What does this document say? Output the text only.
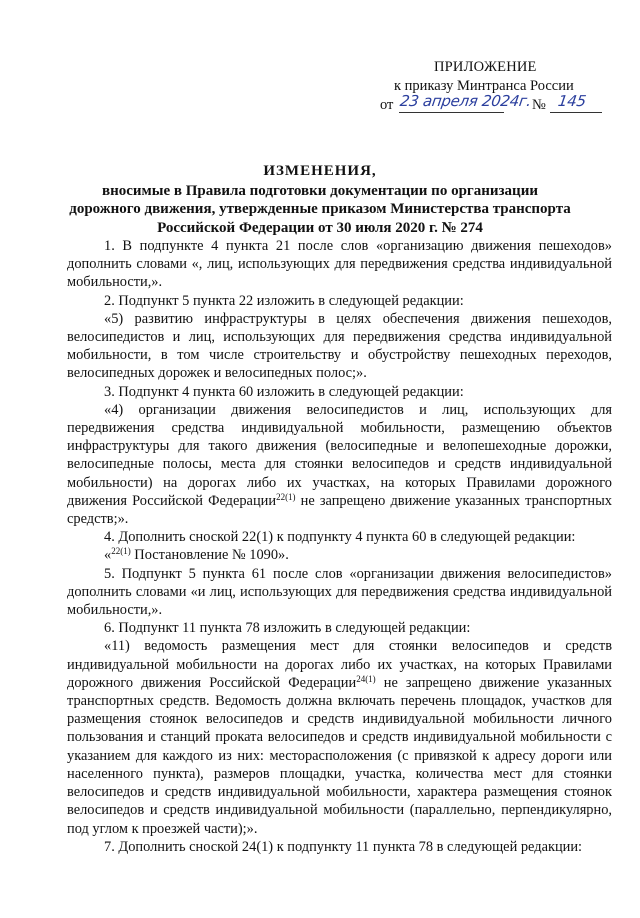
ПРИЛОЖЕНИЕ
к приказу Минтранса России
от 23 апреля 2024г. № 145
ИЗМЕНЕНИЯ,
вносимые в Правила подготовки документации по организации
дорожного движения, утвержденные приказом Министерства транспорта
Российской Федерации от 30 июля 2020 г. № 274

1. В подпункте 4 пункта 21 после слов «организацию движения пешеходов» дополнить словами «, лиц, использующих для передвижения средства индивидуальной мобильности,».

2. Подпункт 5 пункта 22 изложить в следующей редакции:

«5) развитию инфраструктуры в целях обеспечения движения пешеходов, велосипедистов и лиц, использующих для передвижения средства индивидуальной мобильности, в том числе строительству и обустройству пешеходных переходов, велосипедных дорожек и велосипедных полос;».

3. Подпункт 4 пункта 60 изложить в следующей редакции:

«4) организации движения велосипедистов и лиц, использующих для передвижения средства индивидуальной мобильности, размещению объектов инфраструктуры для такого движения (велосипедные и велопешеходные дорожки, велосипедные полосы, места для стоянки велосипедов и средств индивидуальной мобильности) на дорогах либо их участках, на которых Правилами дорожного движения Российской Федерации$^{22(1)}$ не запрещено движение указанных транспортных средств;».

4. Дополнить сноской 22(1) к подпункту 4 пункта 60 в следующей редакции:

«$^{22(1)}$ Постановление № 1090».

5. Подпункт 5 пункта 61 после слов «организации движения велосипедистов» дополнить словами «и лиц, использующих для передвижения средства индивидуальной мобильности,».

6. Подпункт 11 пункта 78 изложить в следующей редакции:

«11) ведомость размещения мест для стоянки велосипедов и средств индивидуальной мобильности на дорогах либо их участках, на которых Правилами дорожного движения Российской Федерации$^{24(1)}$ не запрещено движение указанных транспортных средств. Ведомость должна включать перечень площадок, участков для размещения стоянок велосипедов и средств индивидуальной мобильности личного пользования и станций проката велосипедов и средств индивидуальной мобильности с указанием для каждого из них: месторасположения (с привязкой к адресу дороги или населенного пункта), размеров площадки, участка, количества мест для стоянки велосипедов и средств индивидуальной мобильности, характера размещения стоянок велосипедов и средств индивидуальной мобильности (параллельно, перпендикулярно, под углом к проезжей части);».

7. Дополнить сноской 24(1) к подпункту 11 пункта 78 в следующей редакции:
